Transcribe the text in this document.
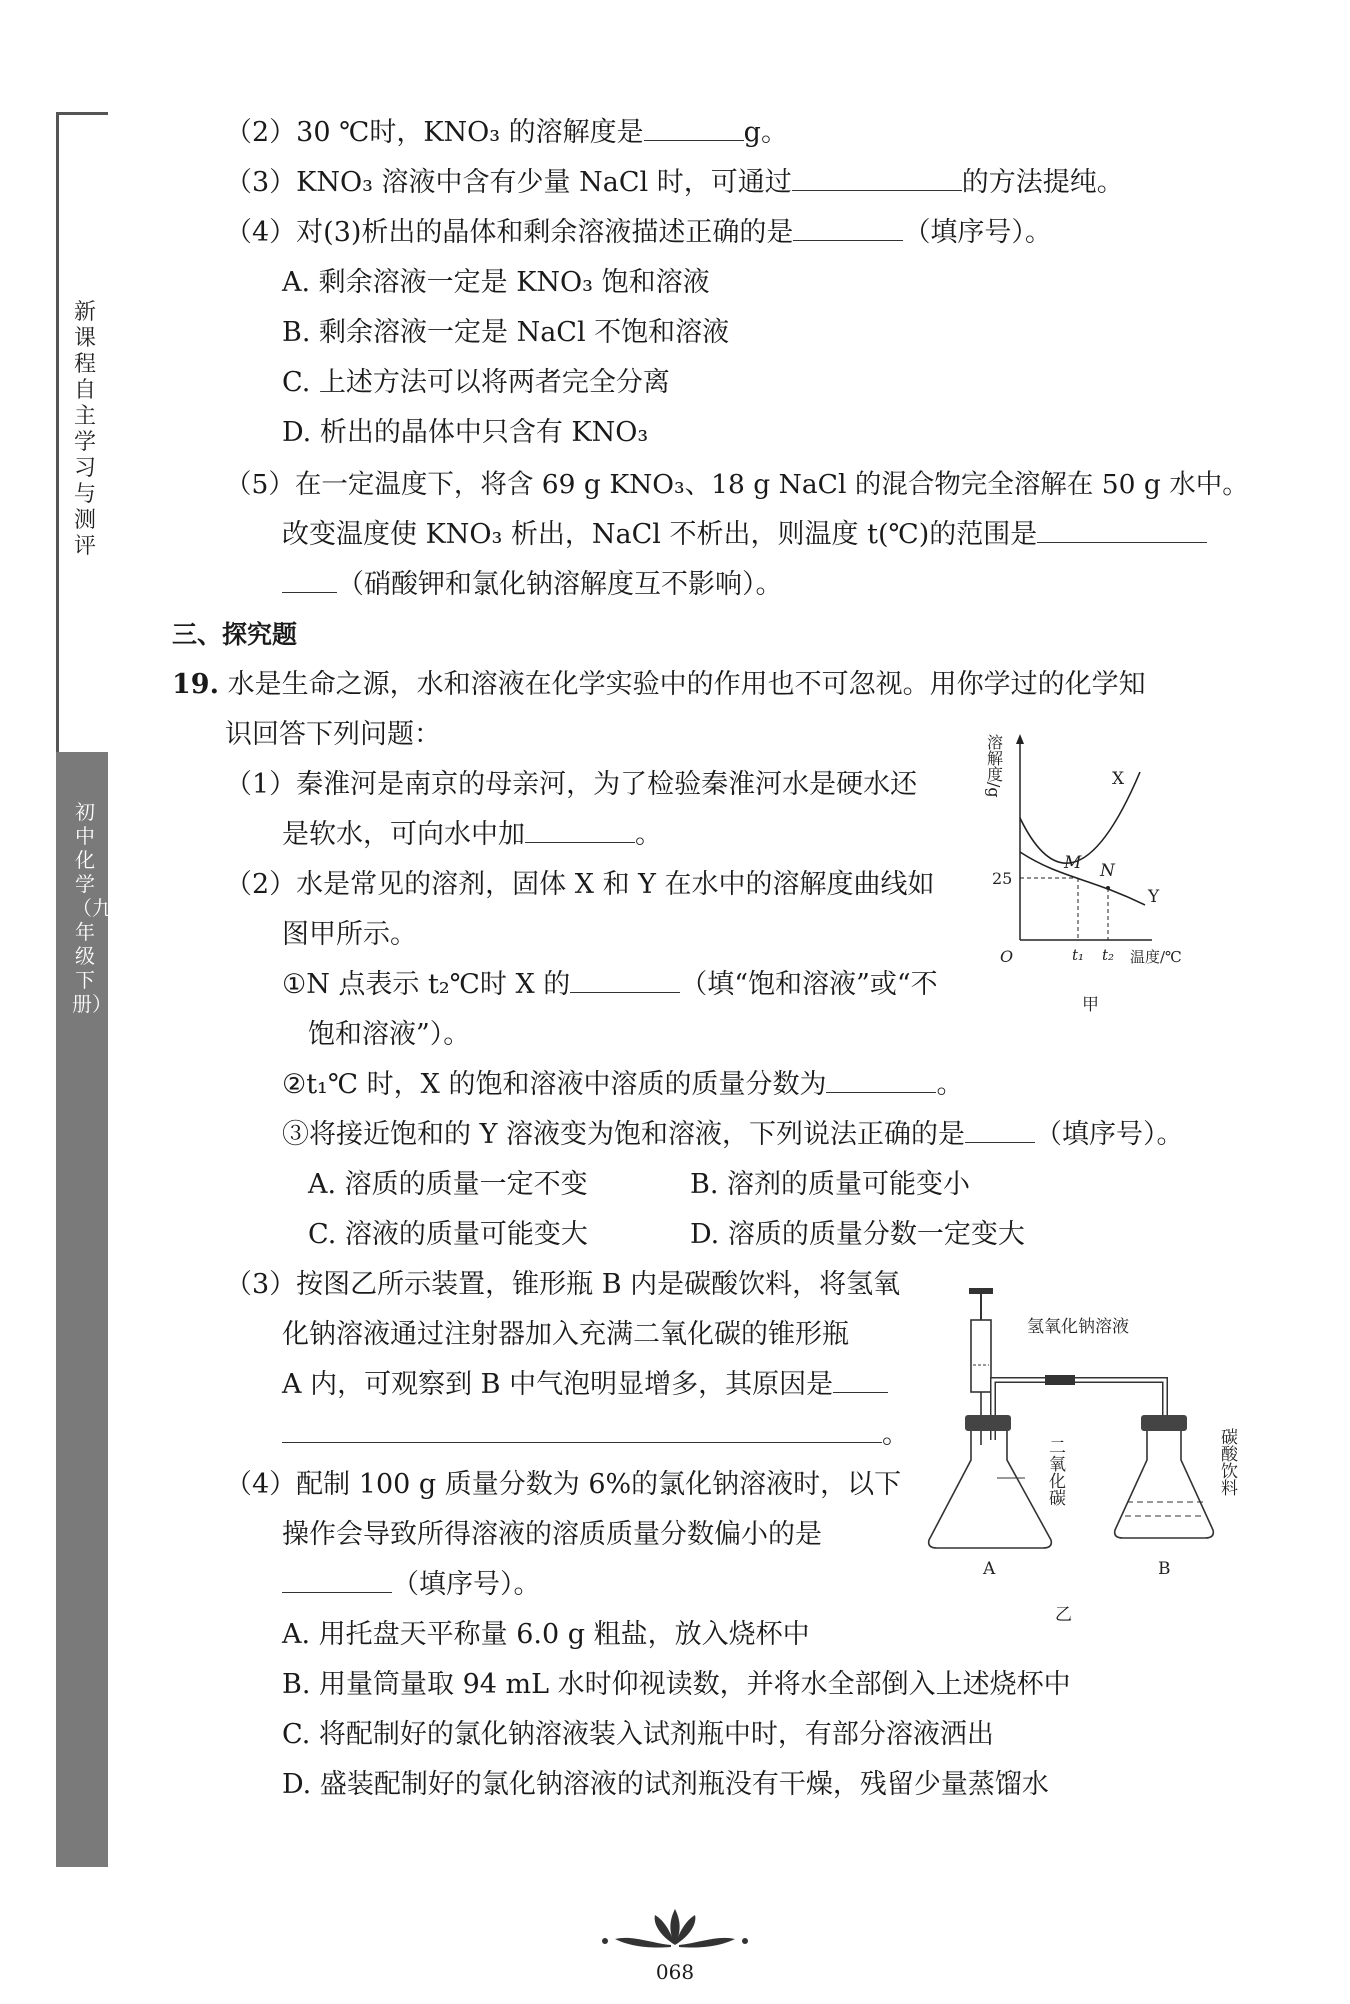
新课程自主学习与测评
初中化学（九年级下册）
（2）30 ℃时，KNO₃ 的溶解度是	g。
（3）KNO₃ 溶液中含有少量 NaCl 时，可通过	的方法提纯。
（4）对(3)析出的晶体和剩余溶液描述正确的是	（填序号）。
A. 剩余溶液一定是 KNO₃ 饱和溶液
B. 剩余溶液一定是 NaCl 不饱和溶液
C. 上述方法可以将两者完全分离
D. 析出的晶体中只含有 KNO₃
（5）在一定温度下，将含 69 g KNO₃、18 g NaCl 的混合物完全溶解在 50 g 水中。
改变温度使 KNO₃ 析出，NaCl 不析出，则温度 t(℃)的范围是
（硝酸钾和氯化钠溶解度互不影响）。
三、探究题
19. 水是生命之源，水和溶液在化学实验中的作用也不可忽视。用你学过的化学知
识回答下列问题：
（1）秦淮河是南京的母亲河，为了检验秦淮河水是硬水还
是软水，可向水中加	。
（2）水是常见的溶剂，固体 X 和 Y 在水中的溶解度曲线如
图甲所示。
①N 点表示 t₂℃时 X 的	（填“饱和溶液”或“不
饱和溶液”）。
②t₁℃ 时，X 的饱和溶液中溶质的质量分数为	。
③将接近饱和的 Y 溶液变为饱和溶液，下列说法正确的是	（填序号）。
A. 溶质的质量一定不变	B. 溶剂的质量可能变小
C. 溶液的质量可能变大	D. 溶质的质量分数一定变大
（3）按图乙所示装置，锥形瓶 B 内是碳酸饮料，将氢氧
化钠溶液通过注射器加入充满二氧化碳的锥形瓶
A 内，可观察到 B 中气泡明显增多，其原因是
。
（4）配制 100 g 质量分数为 6%的氯化钠溶液时，以下
操作会导致所得溶液的溶质质量分数偏小的是
（填序号）。
A. 用托盘天平称量 6.0 g 粗盐，放入烧杯中
B. 用量筒量取 94 mL 水时仰视读数，并将水全部倒入上述烧杯中
C. 将配制好的氯化钠溶液装入试剂瓶中时，有部分溶液洒出
D. 盛装配制好的氯化钠溶液的试剂瓶没有干燥，残留少量蒸馏水
溶解度/g	X
Y
M N
25
O	t₁ t₂ 温度/℃
甲
氢氧化钠溶液
二氧化碳	碳酸饮料
A	B
乙
068
